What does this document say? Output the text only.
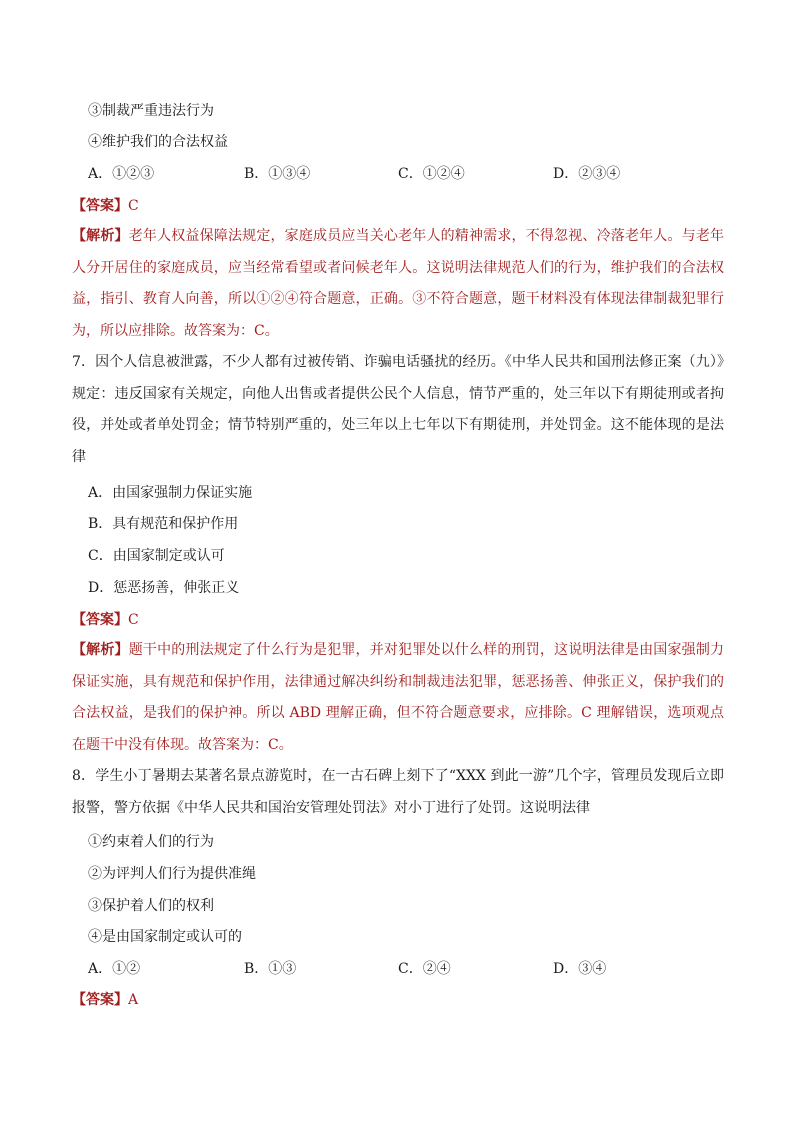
③制裁严重违法行为
④维护我们的合法权益
A．①②③	B．①③④	C．①②④	D．②③④
【答案】C
【解析】老年人权益保障法规定，家庭成员应当关心老年人的精神需求，不得忽视、冷落老年人。与老年人分开居住的家庭成员，应当经常看望或者问候老年人。这说明法律规范人们的行为，维护我们的合法权益，指引、教育人向善，所以①②④符合题意，正确。③不符合题意，题干材料没有体现法律制裁犯罪行为，所以应排除。故答案为：C。
7．因个人信息被泄露，不少人都有过被传销、诈骗电话骚扰的经历。《中华人民共和国刑法修正案（九）》规定：违反国家有关规定，向他人出售或者提供公民个人信息，情节严重的，处三年以下有期徒刑或者拘役，并处或者单处罚金；情节特别严重的，处三年以上七年以下有期徒刑，并处罚金。这不能体现的是法律
A．由国家强制力保证实施
B．具有规范和保护作用
C．由国家制定或认可
D．惩恶扬善，伸张正义
【答案】C
【解析】题干中的刑法规定了什么行为是犯罪，并对犯罪处以什么样的刑罚，这说明法律是由国家强制力保证实施，具有规范和保护作用，法律通过解决纠纷和制裁违法犯罪，惩恶扬善、伸张正义，保护我们的合法权益，是我们的保护神。所以 ABD 理解正确，但不符合题意要求，应排除。C 理解错误，选项观点在题干中没有体现。故答案为：C。
8．学生小丁暑期去某著名景点游览时，在一古石碑上刻下了“XXX 到此一游”几个字，管理员发现后立即报警，警方依据《中华人民共和国治安管理处罚法》对小丁进行了处罚。这说明法律
①约束着人们的行为
②为评判人们行为提供准绳
③保护着人们的权利
④是由国家制定或认可的
A．①②	B．①③	C．②④	D．③④
【答案】A
